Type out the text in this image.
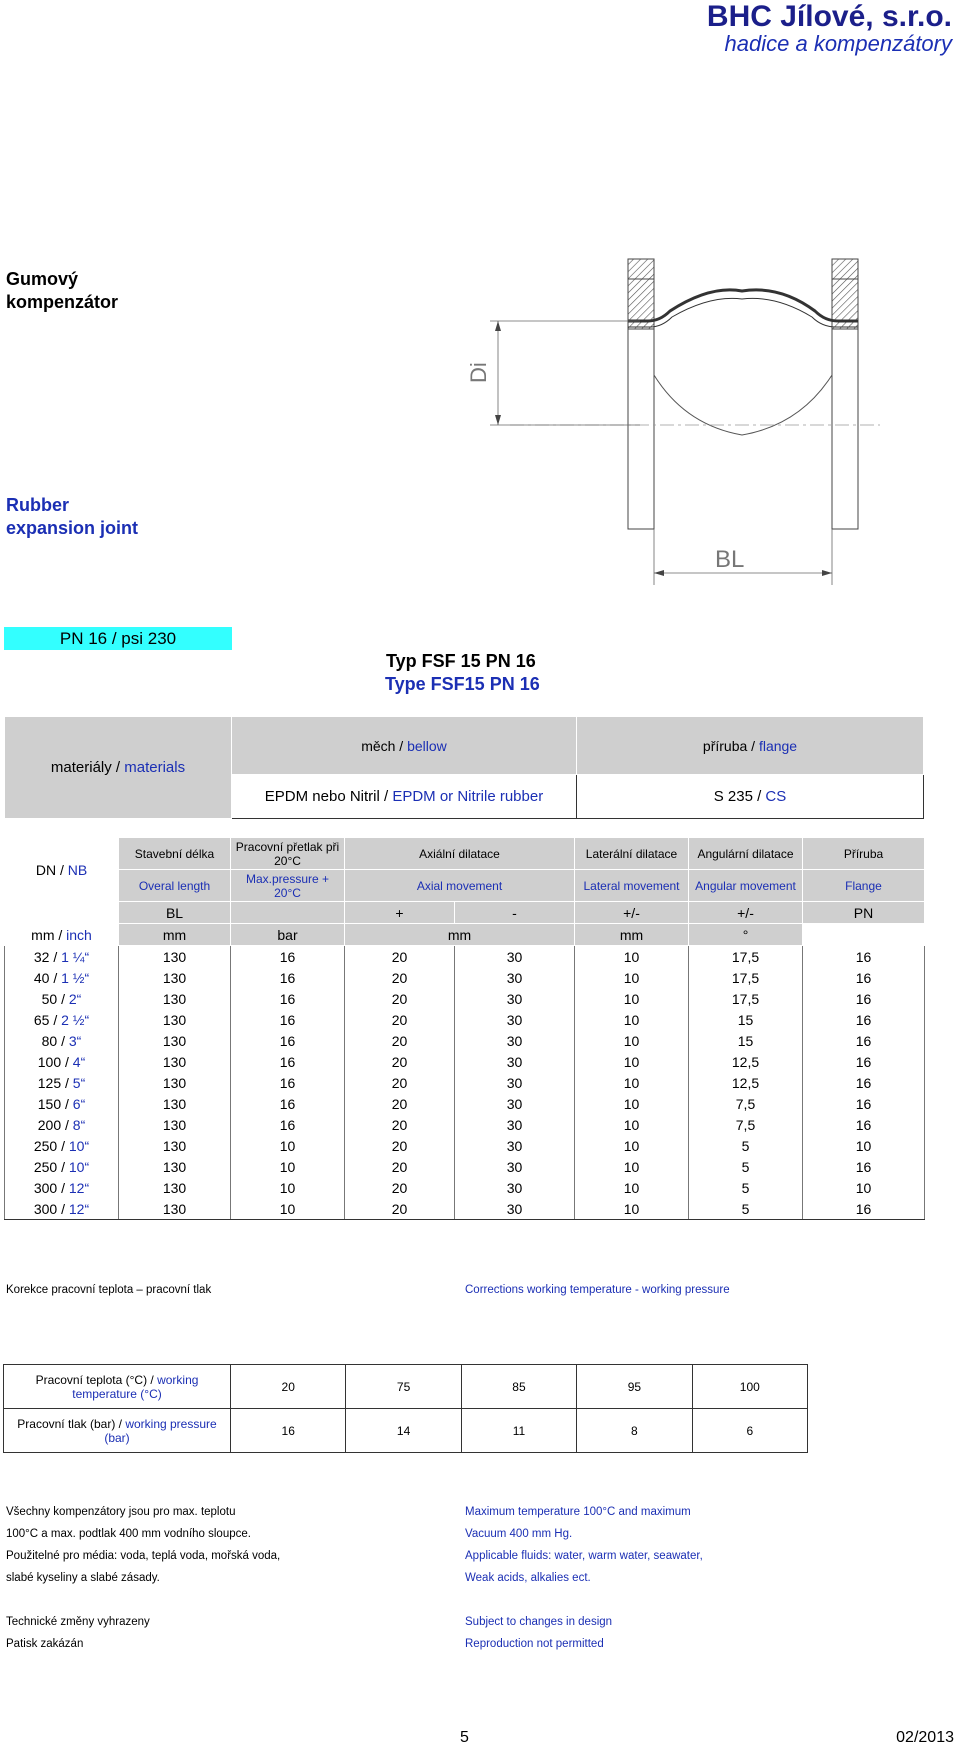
BHC Jílové, s.r.o.
hadice a kompenzátory
Gumový
kompenzátor
Rubber
expansion joint
Di
BL
PN 16 / psi 230
Typ FSF 15 PN 16
Type FSF15 PN 16
materiály / materials	měch / bellow	příruba / flange
	EPDM nebo Nitril / EPDM or Nitrile rubber	S 235 / CS
DN / NB	Stavební délka	Pracovní přetlak při 20°C	Axiální dilatace		Laterální dilatace	Angulární dilatace	Příruba
	Overal length	Max.pressure + 20°C	Axial movement		Lateral movement	Angular movement	Flange
	BL		+	-	+/-	+/-	PN
mm / inch	mm	bar	mm		mm	°	
32 / 1 ¼“	130	16	20	30	10	17,5	16
40 / 1 ½“	130	16	20	30	10	17,5	16
50 / 2“	130	16	20	30	10	17,5	16
65 / 2 ½“	130	16	20	30	10	15	16
80 / 3“	130	16	20	30	10	15	16
100 / 4“	130	16	20	30	10	12,5	16
125 / 5“	130	16	20	30	10	12,5	16
150 / 6“	130	16	20	30	10	7,5	16
200 / 8“	130	16	20	30	10	7,5	16
250 / 10“	130	10	20	30	10	5	10
250 / 10“	130	10	20	30	10	5	16
300 / 12“	130	10	20	30	10	5	10
300 / 12“	130	10	20	30	10	5	16
Korekce pracovní teplota – pracovní tlak	Corrections working temperature - working pressure
Pracovní teplota (°C) / working temperature (°C)	20	75	85	95	100
Pracovní tlak (bar) / working pressure (bar)	16	14	11	8	6
Všechny kompenzátory jsou pro max. teplotu
100°C a max. podtlak 400 mm vodního sloupce.
Použitelné pro média: voda, teplá voda, mořská voda,
slabé kyseliny a slabé zásady.
Maximum temperature 100°C and maximum
Vacuum 400 mm Hg.
Applicable fluids: water, warm water, seawater,
Weak acids, alkalies ect.
Technické změny vyhrazeny
Patisk zakázán
Subject to changes in design
Reproduction not permitted
5	02/2013
